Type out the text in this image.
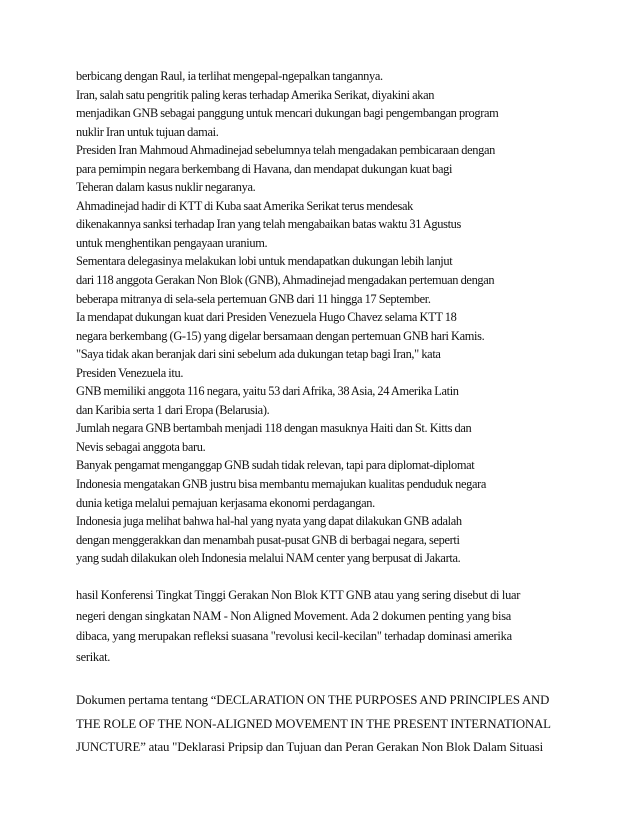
berbicang dengan Raul, ia terlihat mengepal-ngepalkan tangannya.
Iran, salah satu pengritik paling keras terhadap Amerika Serikat, diyakini akan
menjadikan GNB sebagai panggung untuk mencari dukungan bagi pengembangan program
nuklir Iran untuk tujuan damai.
Presiden Iran Mahmoud Ahmadinejad sebelumnya telah mengadakan pembicaraan dengan
para pemimpin negara berkembang di Havana, dan mendapat dukungan kuat bagi
Teheran dalam kasus nuklir negaranya.
Ahmadinejad hadir di KTT di Kuba saat Amerika Serikat terus mendesak
dikenakannya sanksi terhadap Iran yang telah mengabaikan batas waktu 31 Agustus
untuk menghentikan pengayaan uranium.
Sementara delegasinya melakukan lobi untuk mendapatkan dukungan lebih lanjut
dari 118 anggota Gerakan Non Blok (GNB), Ahmadinejad mengadakan pertemuan dengan
beberapa mitranya di sela-sela pertemuan GNB dari 11 hingga 17 September.
Ia mendapat dukungan kuat dari Presiden Venezuela Hugo Chavez selama KTT 18
negara berkembang (G-15) yang digelar bersamaan dengan pertemuan GNB hari Kamis.
"Saya tidak akan beranjak dari sini sebelum ada dukungan tetap bagi Iran," kata
Presiden Venezuela itu.
GNB memiliki anggota 116 negara, yaitu 53 dari Afrika, 38 Asia, 24 Amerika Latin
dan Karibia serta 1 dari Eropa (Belarusia).
Jumlah negara GNB bertambah menjadi 118 dengan masuknya Haiti dan St. Kitts dan
Nevis sebagai anggota baru.
Banyak pengamat menganggap GNB sudah tidak relevan, tapi para diplomat-diplomat
Indonesia mengatakan GNB justru bisa membantu memajukan kualitas penduduk negara
dunia ketiga melalui pemajuan kerjasama ekonomi perdagangan.
Indonesia juga melihat bahwa hal-hal yang nyata yang dapat dilakukan GNB adalah
dengan menggerakkan dan menambah pusat-pusat GNB di berbagai negara, seperti
yang sudah dilakukan oleh Indonesia melalui NAM center yang berpusat di Jakarta.
hasil Konferensi Tingkat Tinggi Gerakan Non Blok KTT GNB atau yang sering disebut di luar
negeri dengan singkatan NAM - Non Aligned Movement. Ada 2 dokumen penting yang bisa
dibaca, yang merupakan refleksi suasana "revolusi kecil-kecilan" terhadap dominasi amerika
serikat.
Dokumen pertama tentang “DECLARATION ON THE PURPOSES AND PRINCIPLES AND
THE ROLE OF THE NON-ALIGNED MOVEMENT IN THE PRESENT INTERNATIONAL
JUNCTURE” atau "Deklarasi Pripsip dan Tujuan dan Peran Gerakan Non Blok Dalam Situasi
